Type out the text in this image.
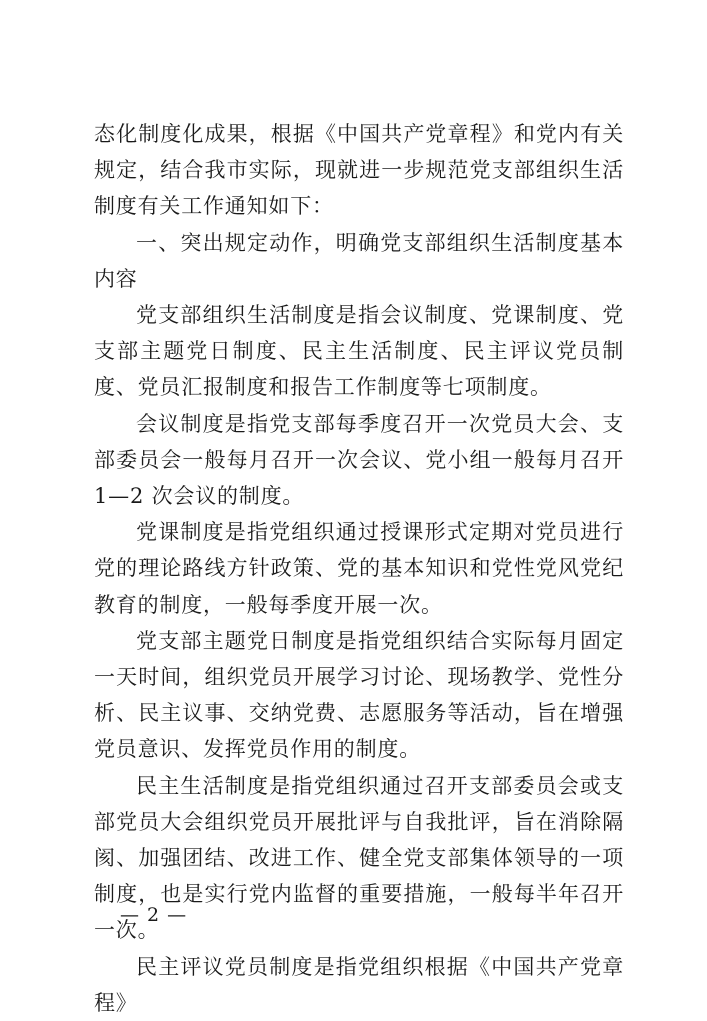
态化制度化成果，根据《中国共产党章程》和党内有关规定，结合我市实际，现就进一步规范党支部组织生活制度有关工作通知如下：

一、突出规定动作，明确党支部组织生活制度基本内容

党支部组织生活制度是指会议制度、党课制度、党支部主题党日制度、民主生活制度、民主评议党员制度、党员汇报制度和报告工作制度等七项制度。

会议制度是指党支部每季度召开一次党员大会、支部委员会一般每月召开一次会议、党小组一般每月召开 1—2 次会议的制度。

党课制度是指党组织通过授课形式定期对党员进行党的理论路线方针政策、党的基本知识和党性党风党纪教育的制度，一般每季度开展一次。

党支部主题党日制度是指党组织结合实际每月固定一天时间，组织党员开展学习讨论、现场教学、党性分析、民主议事、交纳党费、志愿服务等活动，旨在增强党员意识、发挥党员作用的制度。

民主生活制度是指党组织通过召开支部委员会或支部党员大会组织党员开展批评与自我批评，旨在消除隔阂、加强团结、改进工作、健全党支部集体领导的一项制度，也是实行党内监督的重要措施，一般每半年召开一次。

民主评议党员制度是指党组织根据《中国共产党章程》

— 2 —
